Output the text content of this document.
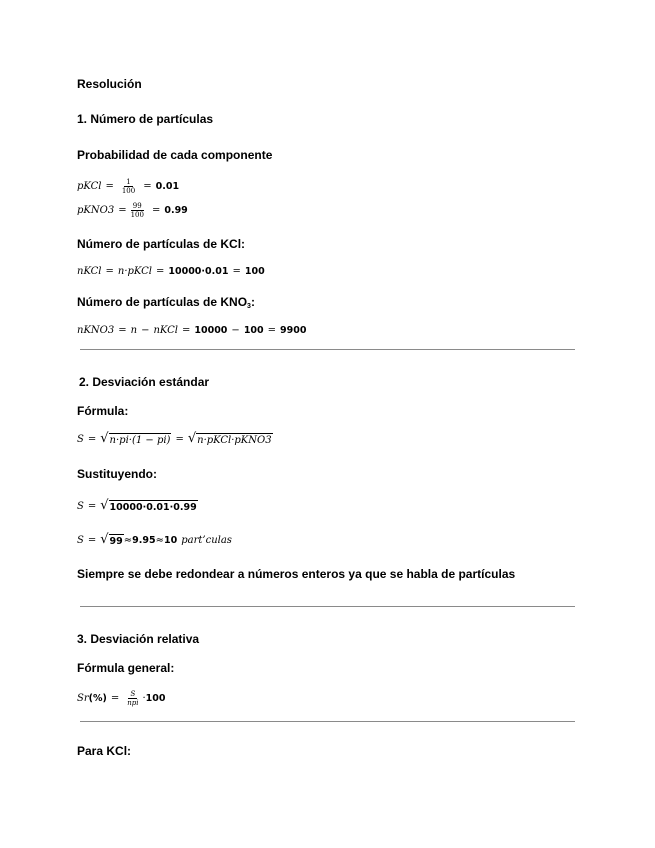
Resolución
1. Número de partículas
Probabilidad de cada componente
pKCl = $\frac{1}{100} = 0.01$
pKNO3 = $\frac{99}{100} = 0.99$
Número de partículas de KCl:
nKCl = n·pKCl = 10000·0.01 = 100
Número de partículas de $KNO_3$:
nKNO3 = n − nKCl = 10000 − 100 = 9900
2. Desviación estándar
Fórmula:
S = √ n·pi·(1 − pi) = √ n·pKCl·pKNO3
Sustituyendo:
S = √ 10000·0.01·0.99
S = √ 99 ≈ 9.95 ≈ 10 part’culas
Siempre se debe redondear a números enteros ya que se habla de partículas
3. Desviación relativa
Fórmula general:
Sr (%) = $\frac{S}{\text{npi}} \cdot 100$
Para KCl:
